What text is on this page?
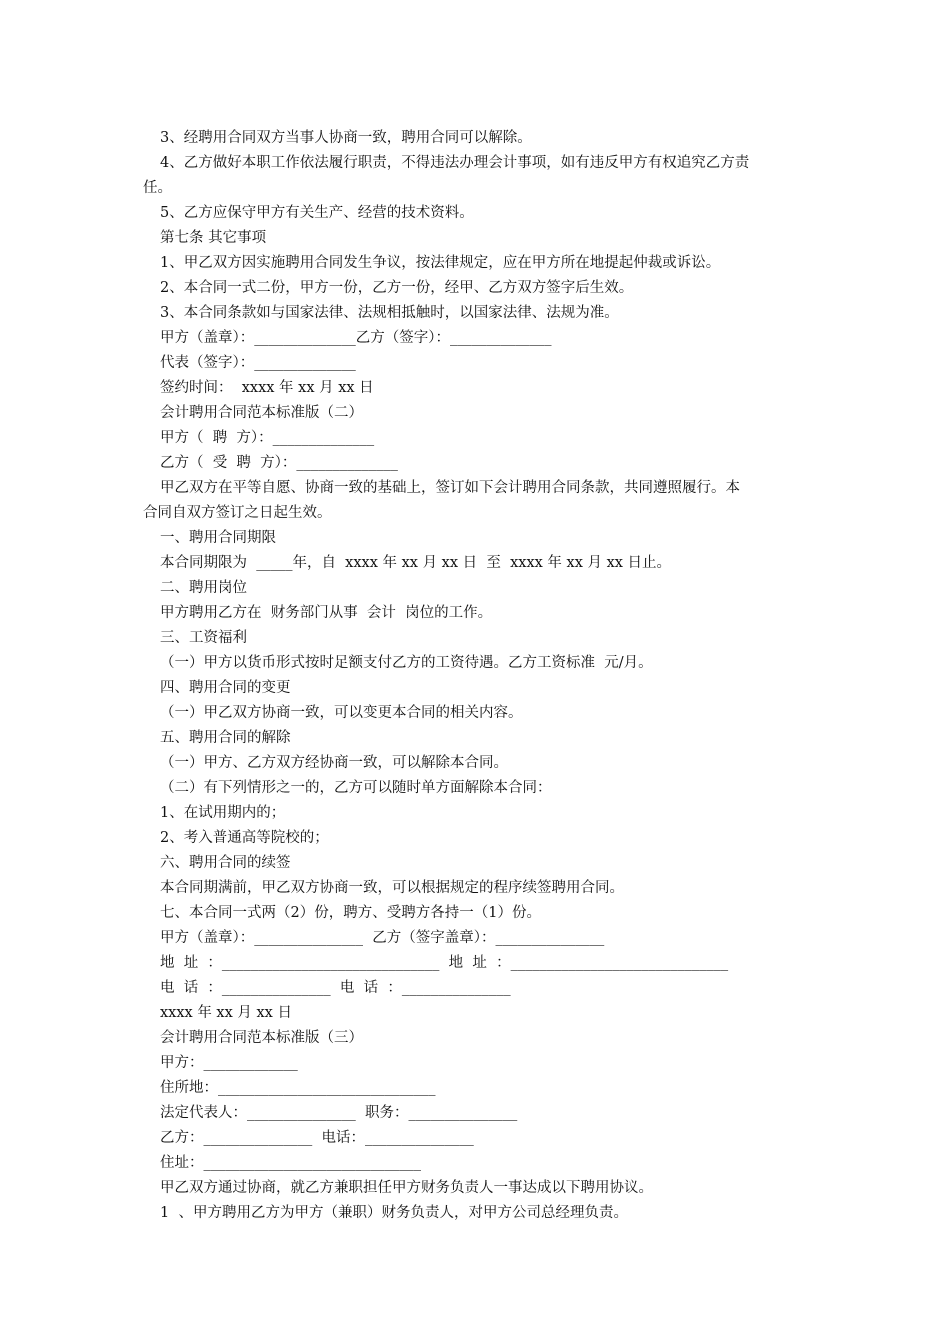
3、经聘用合同双方当事人协商一致，聘用合同可以解除。
4、乙方做好本职工作依法履行职责，不得违法办理会计事项，如有违反甲方有权追究乙方责
任。
5、乙方应保守甲方有关生产、经营的技术资料。
第七条 其它事项
1、甲乙双方因实施聘用合同发生争议，按法律规定，应在甲方所在地提起仲裁或诉讼。
2、本合同一式二份，甲方一份，乙方一份，经甲、乙方双方签字后生效。
3、本合同条款如与国家法律、法规相抵触时，以国家法律、法规为准。
甲方（盖章）：______________乙方（签字）：______________
代表（签字）：______________
签约时间：  xxxx 年 xx 月 xx 日
会计聘用合同范本标准版（二）
甲方（  聘  方）：______________
乙方（  受  聘  方）：______________
甲乙双方在平等自愿、协商一致的基础上，签订如下会计聘用合同条款，共同遵照履行。本
合同自双方签订之日起生效。
一、聘用合同期限
本合同期限为  _____年，自  xxxx 年 xx 月 xx 日  至  xxxx 年 xx 月 xx 日止。
二、聘用岗位
甲方聘用乙方在  财务部门从事  会计  岗位的工作。
三、工资福利
（一）甲方以货币形式按时足额支付乙方的工资待遇。乙方工资标准  元/月。
四、聘用合同的变更
（一）甲乙双方协商一致，可以变更本合同的相关内容。
五、聘用合同的解除
（一）甲方、乙方双方经协商一致，可以解除本合同。
（二）有下列情形之一的，乙方可以随时单方面解除本合同：
1、在试用期内的；
2、考入普通高等院校的；
六、聘用合同的续签
本合同期满前，甲乙双方协商一致，可以根据规定的程序续签聘用合同。
七、本合同一式两（2）份，聘方、受聘方各持一（1）份。
甲方（盖章）：_______________  乙方（签字盖章）：_______________
地  址  ：______________________________  地  址  ：______________________________
电  话  ：_______________  电  话  ：_______________
xxxx 年 xx 月 xx 日
会计聘用合同范本标准版（三）
甲方：_____________
住所地：______________________________
法定代表人：_______________  职务：_______________
乙方：_______________  电话：_______________
住址：______________________________
甲乙双方通过协商，就乙方兼职担任甲方财务负责人一事达成以下聘用协议。
1  、甲方聘用乙方为甲方（兼职）财务负责人，对甲方公司总经理负责。
